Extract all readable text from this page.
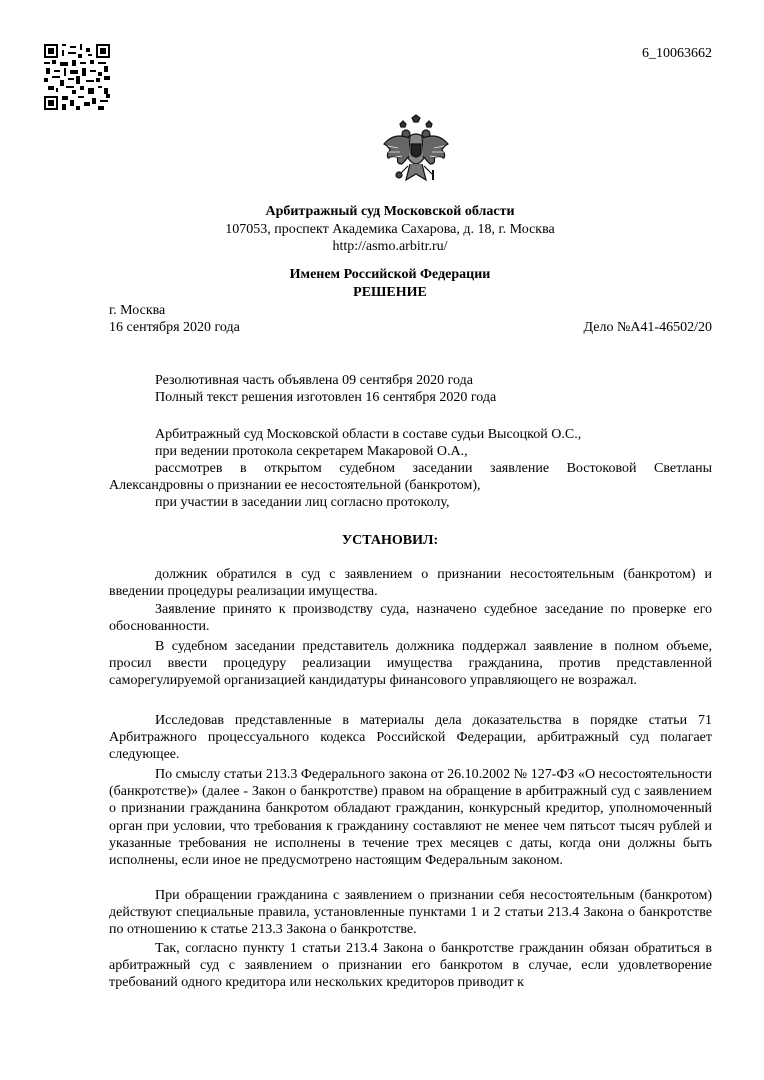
6_10063662
Арбитражный суд Московской области
107053, проспект Академика Сахарова, д. 18, г. Москва
http://asmo.arbitr.ru/
Именем Российской Федерации
РЕШЕНИЕ
г. Москва
16 сентября 2020 года	Дело №А41-46502/20
Резолютивная часть объявлена 09 сентября 2020 года
Полный текст решения изготовлен 16 сентября 2020 года
Арбитражный суд Московской области в составе судьи Высоцкой О.С.,
при ведении протокола секретарем Макаровой О.А.,
рассмотрев в открытом судебном заседании заявление Востоковой Светланы
Александровны о признании ее несостоятельной (банкротом),
при участии в заседании лиц согласно протоколу,
УСТАНОВИЛ:
должник обратился в суд с заявлением о признании несостоятельным (банкротом) и введении процедуры реализации имущества.
Заявление принято к производству суда, назначено судебное заседание по проверке его обоснованности.
В судебном заседании представитель должника поддержал заявление в полном объеме, просил ввести процедуру реализации имущества гражданина, против представленной саморегулируемой организацией кандидатуры финансового управляющего не возражал.
Исследовав представленные в материалы дела доказательства в порядке статьи 71 Арбитражного процессуального кодекса Российской Федерации, арбитражный суд полагает следующее.
По смыслу статьи 213.3 Федерального закона от 26.10.2002 № 127-ФЗ «О несостоятельности (банкротстве)» (далее - Закон о банкротстве) правом на обращение в арбитражный суд с заявлением о признании гражданина банкротом обладают гражданин, конкурсный кредитор, уполномоченный орган при условии, что требования к гражданину составляют не менее чем пятьсот тысяч рублей и указанные требования не исполнены в течение трех месяцев с даты, когда они должны быть исполнены, если иное не предусмотрено настоящим Федеральным законом.
При обращении гражданина с заявлением о признании себя несостоятельным (банкротом) действуют специальные правила, установленные пунктами 1 и 2 статьи 213.4 Закона о банкротстве по отношению к статье 213.3 Закона о банкротстве.
Так, согласно пункту 1 статьи 213.4 Закона о банкротстве гражданин обязан обратиться в арбитражный суд с заявлением о признании его банкротом в случае, если удовлетворение требований одного кредитора или нескольких кредиторов приводит к
